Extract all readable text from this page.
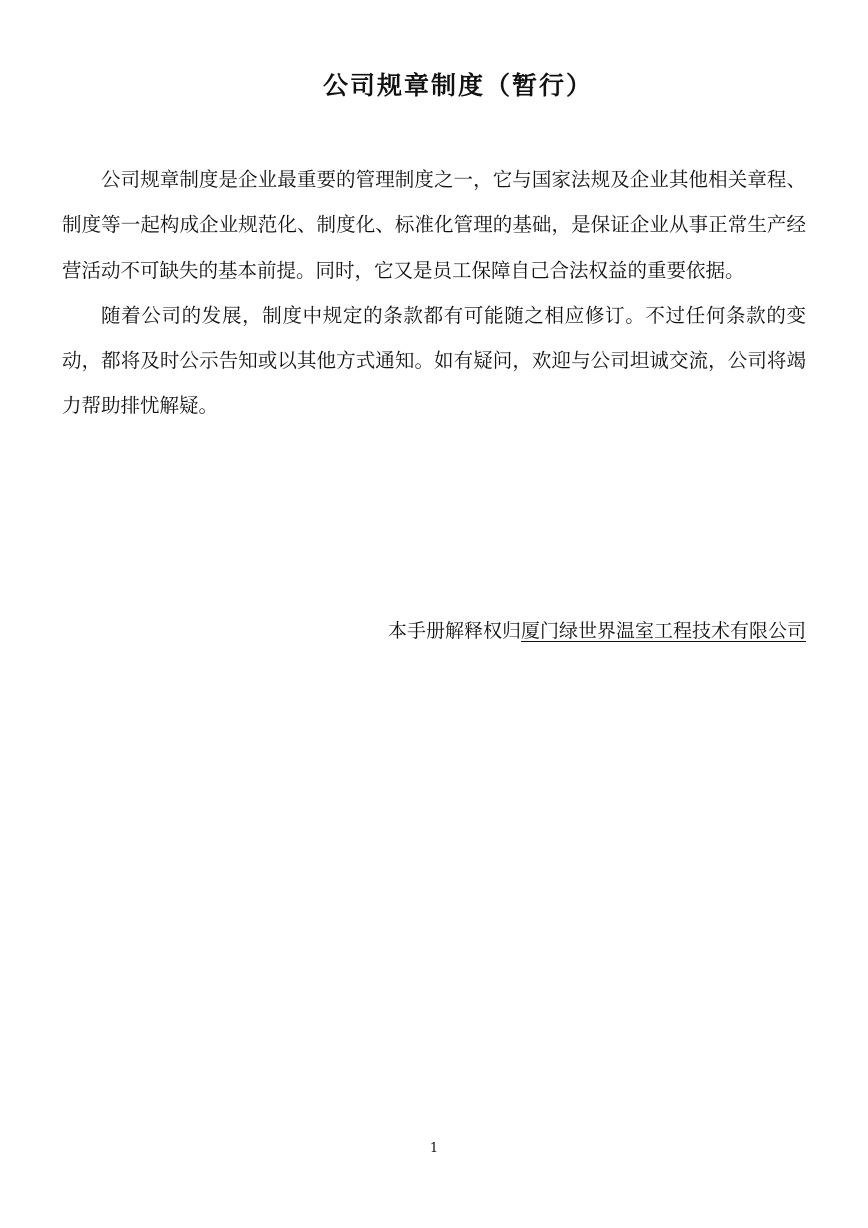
公司规章制度（暂行）

公司规章制度是企业最重要的管理制度之一，它与国家法规及企业其他相关章程、制度等一起构成企业规范化、制度化、标准化管理的基础，是保证企业从事正常生产经营活动不可缺失的基本前提。同时，它又是员工保障自己合法权益的重要依据。

随着公司的发展，制度中规定的条款都有可能随之相应修订。不过任何条款的变动，都将及时公示告知或以其他方式通知。如有疑问，欢迎与公司坦诚交流，公司将竭力帮助排忧解疑。

本手册解释权归厦门绿世界温室工程技术有限公司
1
